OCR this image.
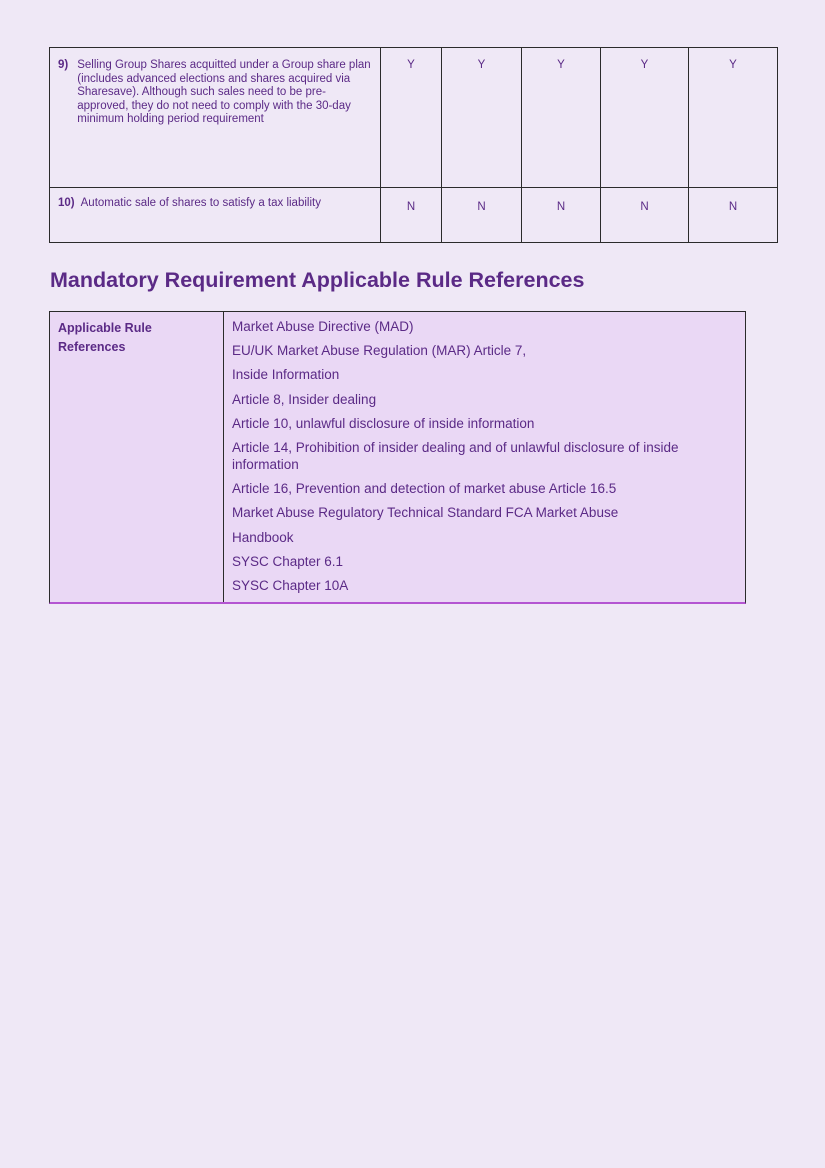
9) Selling Group Shares acquitted under a Group share plan (includes advanced elections and shares acquired via Sharesave). Although such sales need to be pre- approved, they do not need to comply with the 30-day minimum holding period requirement	Y	Y	Y	Y	Y

10) Automatic sale of shares to satisfy a tax liability	N	N	N	N	N
Mandatory Requirement Applicable Rule References
Applicable Rule References
Market Abuse Directive (MAD)
EU/UK Market Abuse Regulation (MAR) Article 7,
Inside Information
Article 8, Insider dealing
Article 10, unlawful disclosure of inside information
Article 14, Prohibition of insider dealing and of unlawful disclosure of inside information
Article 16, Prevention and detection of market abuse Article 16.5
Market Abuse Regulatory Technical Standard FCA Market Abuse
Handbook
SYSC Chapter 6.1
SYSC Chapter 10A
